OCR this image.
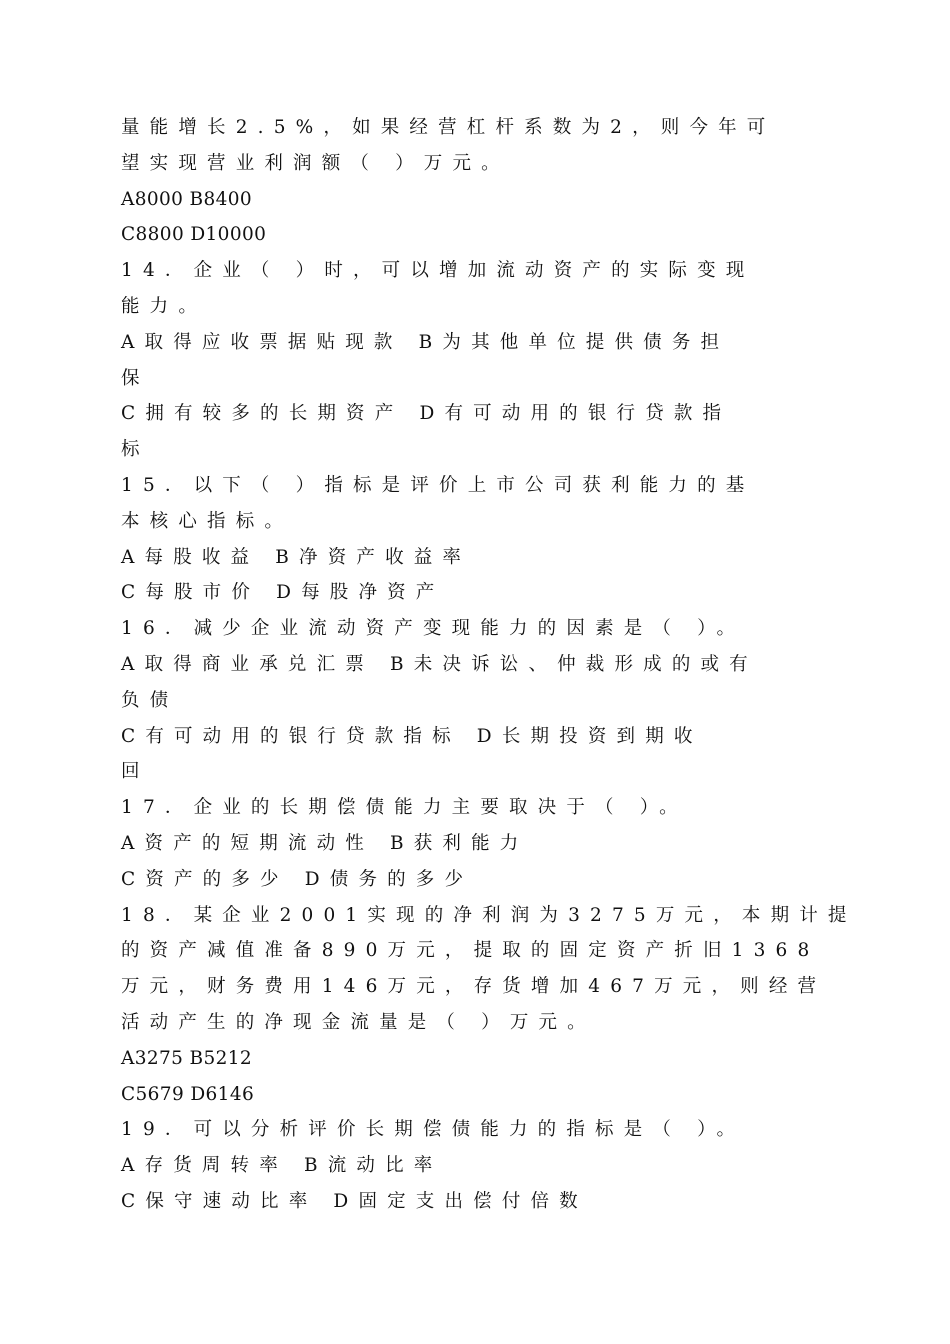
量能增长2.5%，如果经营杠杆系数为2，则今年可
望实现营业利润额（ ）万元。
A8000 B8400
C8800 D10000
14．企业（ ）时，可以增加流动资产的实际变现
能力。
A取得应收票据贴现款 B为其他单位提供债务担
保
C拥有较多的长期资产 D有可动用的银行贷款指
标
15．以下（ ）指标是评价上市公司获利能力的基
本核心指标。
A每股收益 B净资产收益率
C每股市价 D每股净资产
16．减少企业流动资产变现能力的因素是（ ）。
A取得商业承兑汇票 B未决诉讼、仲裁形成的或有
负债
C有可动用的银行贷款指标 D长期投资到期收
回
17．企业的长期偿债能力主要取决于（ ）。
A资产的短期流动性 B获利能力
C资产的多少 D债务的多少
18．某企业2001实现的净利润为3275万元，本期计提
的资产减值准备890万元，提取的固定资产折旧1368
万元，财务费用146万元，存货增加467万元，则经营
活动产生的净现金流量是（ ）万元。
A3275 B5212
C5679 D6146
19．可以分析评价长期偿债能力的指标是（ ）。
A存货周转率 B流动比率
C保守速动比率 D固定支出偿付倍数
